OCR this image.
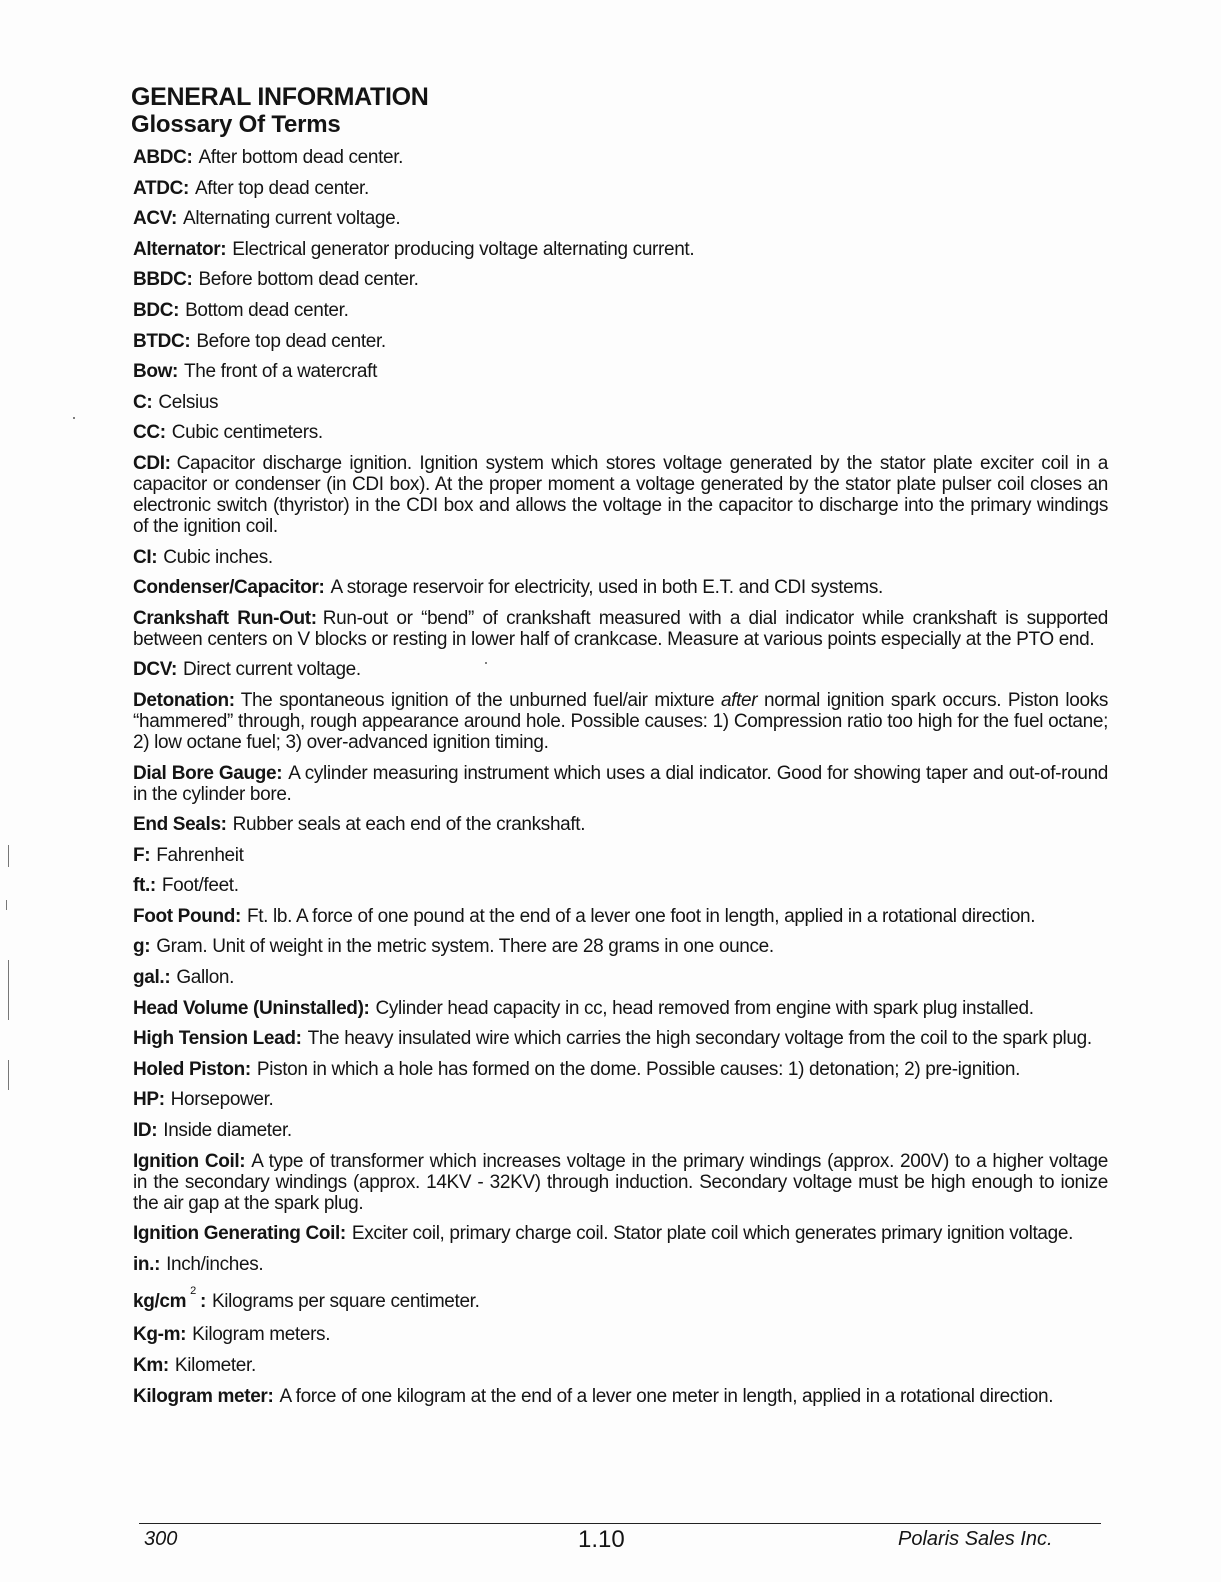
GENERAL INFORMATION
Glossary Of Terms

ABDC: After bottom dead center.

ATDC: After top dead center.

ACV: Alternating current voltage.

Alternator: Electrical generator producing voltage alternating current.

BBDC: Before bottom dead center.

BDC: Bottom dead center.

BTDC: Before top dead center.

Bow: The front of a watercraft

C: Celsius

CC: Cubic centimeters.

CDI: Capacitor discharge ignition. Ignition system which stores voltage generated by the stator plate exciter coil in a capacitor or condenser (in CDI box). At the proper moment a voltage generated by the stator plate pulser coil closes an electronic switch (thyristor) in the CDI box and allows the voltage in the capacitor to discharge into the primary windings of the ignition coil.

CI: Cubic inches.

Condenser/Capacitor: A storage reservoir for electricity, used in both E.T. and CDI systems.

Crankshaft Run-Out: Run-out or “bend” of crankshaft measured with a dial indicator while crankshaft is supported between centers on V blocks or resting in lower half of crankcase. Measure at various points especially at the PTO end.

DCV: Direct current voltage.

Detonation: The spontaneous ignition of the unburned fuel/air mixture after normal ignition spark occurs. Piston looks “hammered” through, rough appearance around hole. Possible causes: 1) Compression ratio too high for the fuel octane; 2) low octane fuel; 3) over-advanced ignition timing.

Dial Bore Gauge: A cylinder measuring instrument which uses a dial indicator. Good for showing taper and out-of-round in the cylinder bore.

End Seals: Rubber seals at each end of the crankshaft.

F: Fahrenheit

ft.: Foot/feet.

Foot Pound: Ft. lb. A force of one pound at the end of a lever one foot in length, applied in a rotational direction.

g: Gram. Unit of weight in the metric system. There are 28 grams in one ounce.

gal.: Gallon.

Head Volume (Uninstalled): Cylinder head capacity in cc, head removed from engine with spark plug installed.

High Tension Lead: The heavy insulated wire which carries the high secondary voltage from the coil to the spark plug.

Holed Piston: Piston in which a hole has formed on the dome. Possible causes: 1) detonation; 2) pre-ignition.

HP: Horsepower.

ID: Inside diameter.

Ignition Coil: A type of transformer which increases voltage in the primary windings (approx. 200V) to a higher voltage in the secondary windings (approx. 14KV - 32KV) through induction. Secondary voltage must be high enough to ionize the air gap at the spark plug.

Ignition Generating Coil: Exciter coil, primary charge coil. Stator plate coil which generates primary ignition voltage.

in.: Inch/inches.

kg/cm $^2$ : Kilograms per square centimeter.

Kg-m: Kilogram meters.

Km: Kilometer.

Kilogram meter: A force of one kilogram at the end of a lever one meter in length, applied in a rotational direction.

300	1.10	Polaris Sales Inc.
